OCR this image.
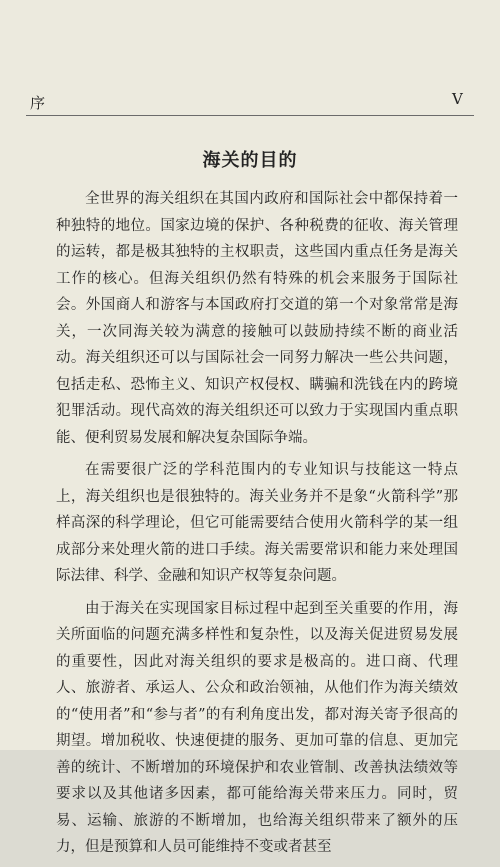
序	V
海关的目的

全世界的海关组织在其国内政府和国际社会中都保持着一种独特的地位。国家边境的保护、各种税费的征收、海关管理的运转，都是极其独特的主权职责，这些国内重点任务是海关工作的核心。但海关组织仍然有特殊的机会来服务于国际社会。外国商人和游客与本国政府打交道的第一个对象常常是海关，一次同海关较为满意的接触可以鼓励持续不断的商业活动。海关组织还可以与国际社会一同努力解决一些公共问题，包括走私、恐怖主义、知识产权侵权、瞒骗和洗钱在内的跨境犯罪活动。现代高效的海关组织还可以致力于实现国内重点职能、便利贸易发展和解决复杂国际争端。

在需要很广泛的学科范围内的专业知识与技能这一特点上，海关组织也是很独特的。海关业务并不是象“火箭科学”那样高深的科学理论，但它可能需要结合使用火箭科学的某一组成部分来处理火箭的进口手续。海关需要常识和能力来处理国际法律、科学、金融和知识产权等复杂问题。

由于海关在实现国家目标过程中起到至关重要的作用，海关所面临的问题充满多样性和复杂性，以及海关促进贸易发展的重要性，因此对海关组织的要求是极高的。进口商、代理人、旅游者、承运人、公众和政治领袖，从他们作为海关绩效的“使用者”和“参与者”的有利角度出发，都对海关寄予很高的期望。增加税收、快速便捷的服务、更加可靠的信息、更加完善的统计、不断增加的环境保护和农业管制、改善执法绩效等要求以及其他诸多因素，都可能给海关带来压力。同时，贸易、运输、旅游的不断增加，也给海关组织带来了额外的压力，但是预算和人员可能维持不变或者甚至
